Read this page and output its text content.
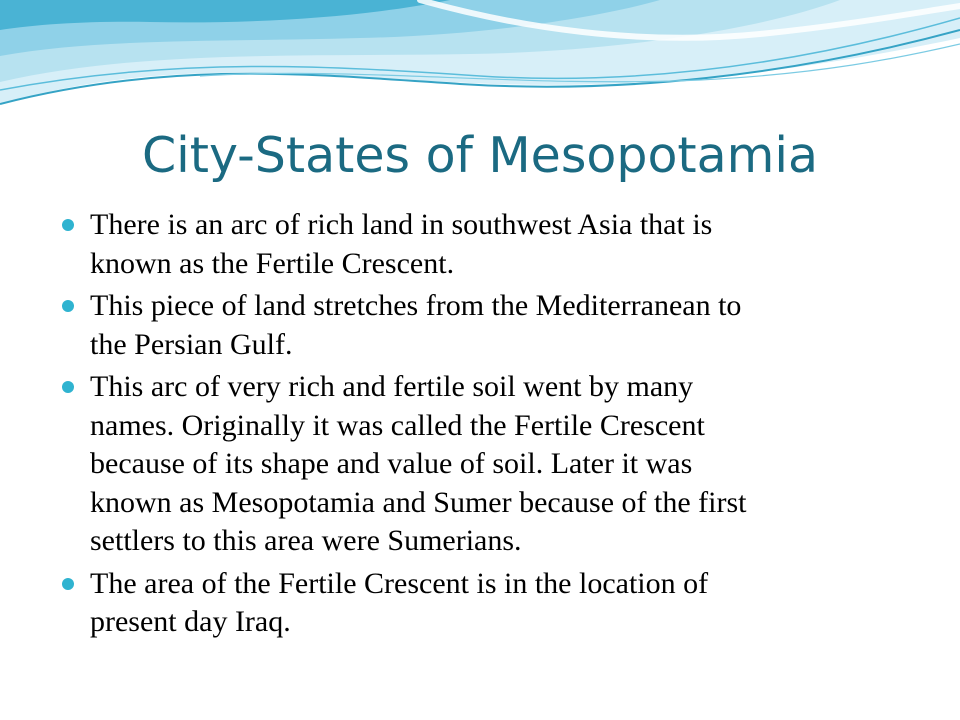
City-States of Mesopotamia
There is an arc of rich land in southwest Asia that is
known as the Fertile Crescent.
This piece of land stretches from the Mediterranean to
the Persian Gulf.
This arc of very rich and fertile soil went by many
names. Originally it was called the Fertile Crescent
because of its shape and value of soil. Later it was
known as Mesopotamia and Sumer because of the first
settlers to this area were Sumerians.
The area of the Fertile Crescent is in the location of
present day Iraq.
